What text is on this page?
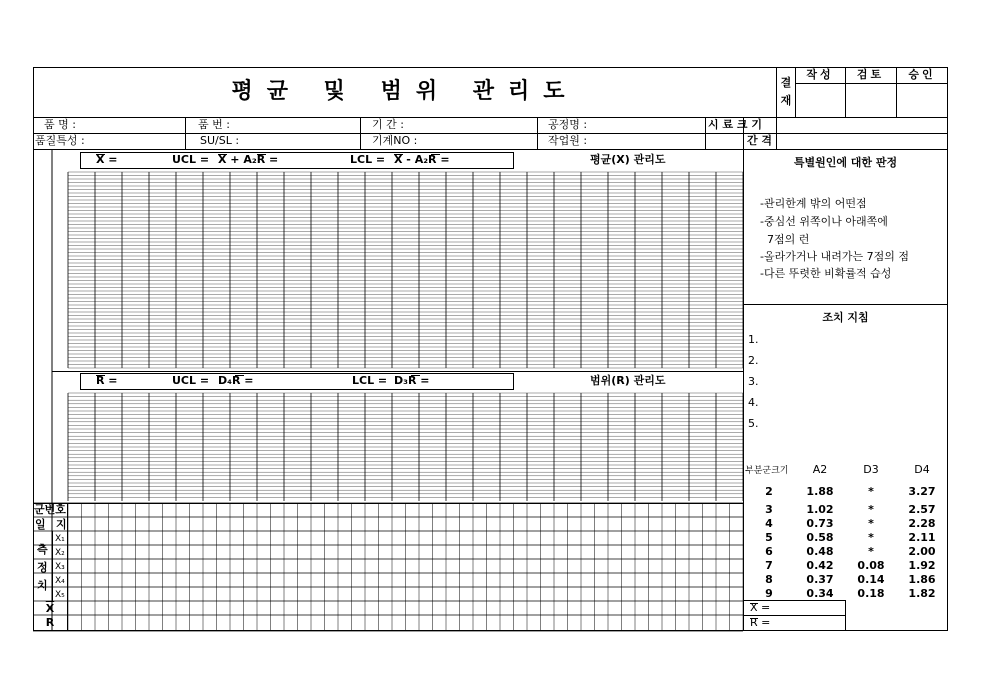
평균 및 범위 관리도	결
재
작성	검토	승인
품 명 :	품 번 :	기 간 :	공정명 :
품질특성 :	SU/SL :	기계NO :	작업원 :
시 료 크 기
간 격
X =	UCL = X + A₂R =	LCL = X - A₂R =	평균(X) 관리도
R =	UCL = D₄R =	LCL = D₃R =	범위(R) 관리도
군번호
일 지
측
정
치
X₁
X₂
X₃
X₄
X₅
$\overline{X}$
R
특별원인에 대한 판정
-관리한계 밖의 어떤점
-중심선 위쪽이나 아래쪽에
7점의 런
-올라가거나 내려가는 7점의 점
-다른 뚜렷한 비확률적 습성
조치 지침
1.
2.
3.
4.
5.
부분군크기	A2	D3	D4
2	1.88	*	3.27
3	1.02	*	2.57
4	0.73	*	2.28
5	0.58	*	2.11
6	0.48	*	2.00
7	0.42	0.08	1.92
8	0.37	0.14	1.86
9	0.34	0.18	1.82
X =
R =
